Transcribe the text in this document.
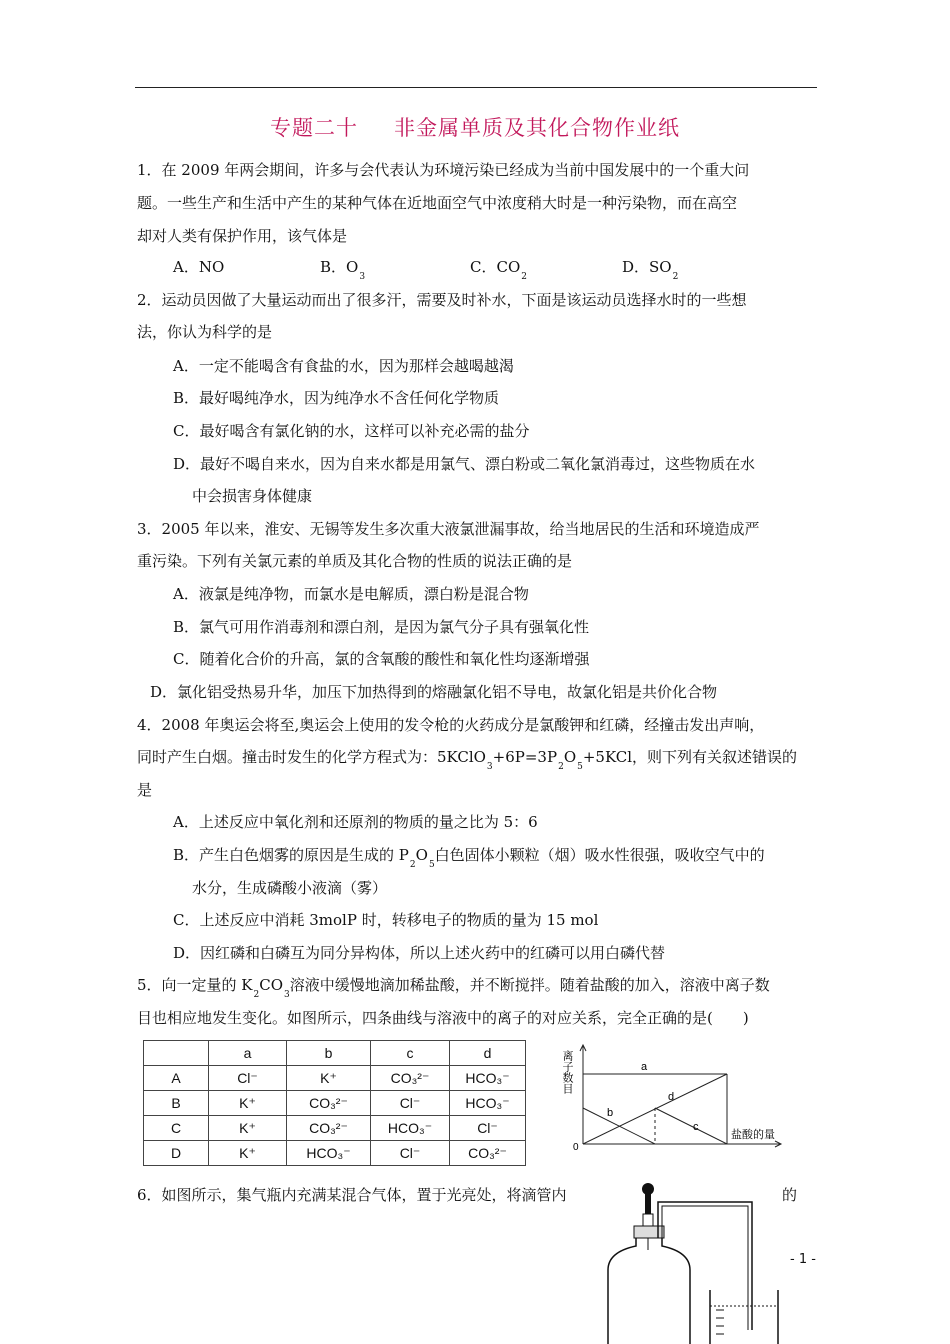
专题二十 非金属单质及其化合物作业纸
1．在 2009 年两会期间，许多与会代表认为环境污染已经成为当前中国发展中的一个重大问
题。一些生产和生活中产生的某种气体在近地面空气中浓度稍大时是一种污染物，而在高空
却对人类有保护作用，该气体是
A．NO	B．$O_3$
C．$CO_2$
D．$SO_2$
2．运动员因做了大量运动而出了很多汗，需要及时补水，下面是该运动员选择水时的一些想
法，你认为科学的是
A．一定不能喝含有食盐的水，因为那样会越喝越渴
B．最好喝纯净水，因为纯净水不含任何化学物质
C．最好喝含有氯化钠的水，这样可以补充必需的盐分
D．最好不喝自来水，因为自来水都是用氯气、漂白粉或二氧化氯消毒过，这些物质在水
中会损害身体健康
3．2005 年以来，淮安、无锡等发生多次重大液氯泄漏事故，给当地居民的生活和环境造成严
重污染。下列有关氯元素的单质及其化合物的性质的说法正确的是
A．液氯是纯净物，而氯水是电解质，漂白粉是混合物
B．氯气可用作消毒剂和漂白剂，是因为氯气分子具有强氧化性
C．随着化合价的升高，氯的含氧酸的酸性和氧化性均逐渐增强
D．氯化铝受热易升华，加压下加热得到的熔融氯化铝不导电，故氯化铝是共价化合物
4．2008 年奥运会将至,奥运会上使用的发令枪的火药成分是氯酸钾和红磷，经撞击发出声响，
同时产生白烟。撞击时发生的化学方程式为：$5KClO_3+6P=3P_2O_5+5KCl$，则下列有关叙述错误的
是
A．上述反应中氧化剂和还原剂的物质的量之比为 5：6
B．产生白色烟雾的原因是生成的 $P_2O_5$白色固体小颗粒（烟）吸水性很强，吸收空气中的
水分，生成磷酸小液滴（雾）
C．上述反应中消耗 3molP 时，转移电子的物质的量为 15 mol
D．因红磷和白磷互为同分异构体，所以上述火药中的红磷可以用白磷代替
5．向一定量的 $K_2CO_3$溶液中缓慢地滴加稀盐酸，并不断搅拌。随着盐酸的加入，溶液中离子数
目也相应地发生变化。如图所示，四条曲线与溶液中的离子的对应关系，完全正确的是(　　)
	a	b	c	d
A	Cl⁻	K⁺	CO₃²⁻	HCO₃⁻
B	K⁺	CO₃²⁻	Cl⁻	HCO₃⁻
C	K⁺	CO₃²⁻	HCO₃⁻	Cl⁻
D	K⁺	HCO₃⁻	Cl⁻	CO₃²⁻
a
b
c
d
0
盐酸的量
离子数目
6．如图所示，集气瓶内充满某混合气体，置于光亮处，将滴管内	的
- 1 -
